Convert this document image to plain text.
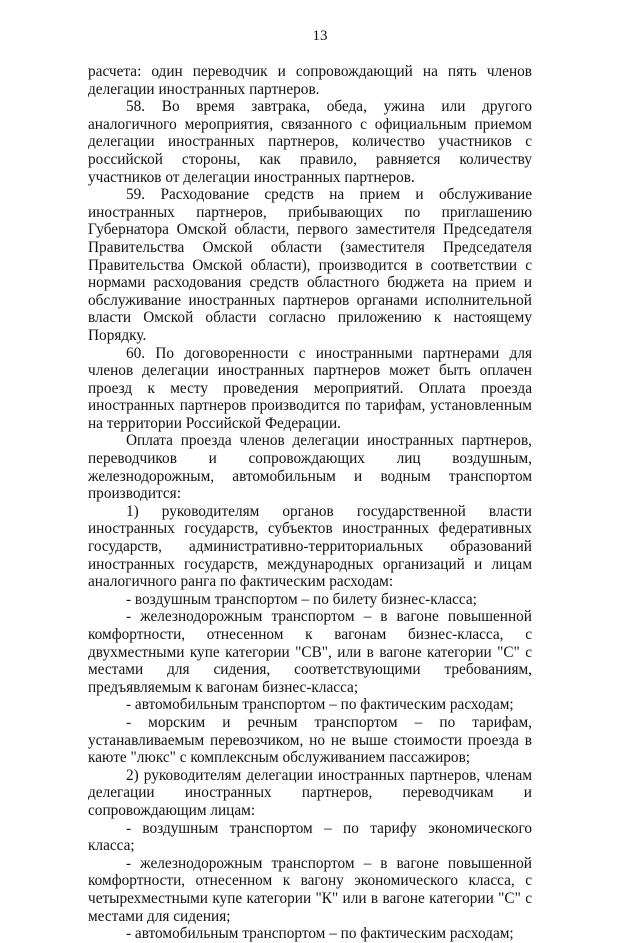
13

расчета: один переводчик и сопровождающий на пять членов делегации иностранных партнеров.

58. Во время завтрака, обеда, ужина или другого аналогичного мероприятия, связанного с официальным приемом делегации иностранных партнеров, количество участников с российской стороны, как правило, равняется количеству участников от делегации иностранных партнеров.

59. Расходование средств на прием и обслуживание иностранных партнеров, прибывающих по приглашению Губернатора Омской области, первого заместителя Председателя Правительства Омской области (заместителя Председателя Правительства Омской области), производится в соответствии с нормами расходования средств областного бюджета на прием и обслуживание иностранных партнеров органами исполнительной власти Омской области согласно приложению к настоящему Порядку.

60. По договоренности с иностранными партнерами для членов делегации иностранных партнеров может быть оплачен проезд к месту проведения мероприятий. Оплата проезда иностранных партнеров производится по тарифам, установленным на территории Российской Федерации.

Оплата проезда членов делегации иностранных партнеров, переводчиков и сопровождающих лиц воздушным, железнодорожным, автомобильным и водным транспортом производится:

1) руководителям органов государственной власти иностранных государств, субъектов иностранных федеративных государств, административно-территориальных образований иностранных государств, международных организаций и лицам аналогичного ранга по фактическим расходам:

- воздушным транспортом – по билету бизнес-класса;

- железнодорожным транспортом – в вагоне повышенной комфортности, отнесенном к вагонам бизнес-класса, с двухместными купе категории "СВ", или в вагоне категории "С" с местами для сидения, соответствующими требованиям, предъявляемым к вагонам бизнес-класса;

- автомобильным транспортом – по фактическим расходам;

- морским и речным транспортом – по тарифам, устанавливаемым перевозчиком, но не выше стоимости проезда в каюте "люкс" с комплексным обслуживанием пассажиров;

2) руководителям делегации иностранных партнеров, членам делегации иностранных партнеров, переводчикам и сопровождающим лицам:

- воздушным транспортом – по тарифу экономического класса;

- железнодорожным транспортом – в вагоне повышенной комфортности, отнесенном к вагону экономического класса, с четырехместными купе категории "К" или в вагоне категории "С" с местами для сидения;

- автомобильным транспортом – по фактическим расходам;
